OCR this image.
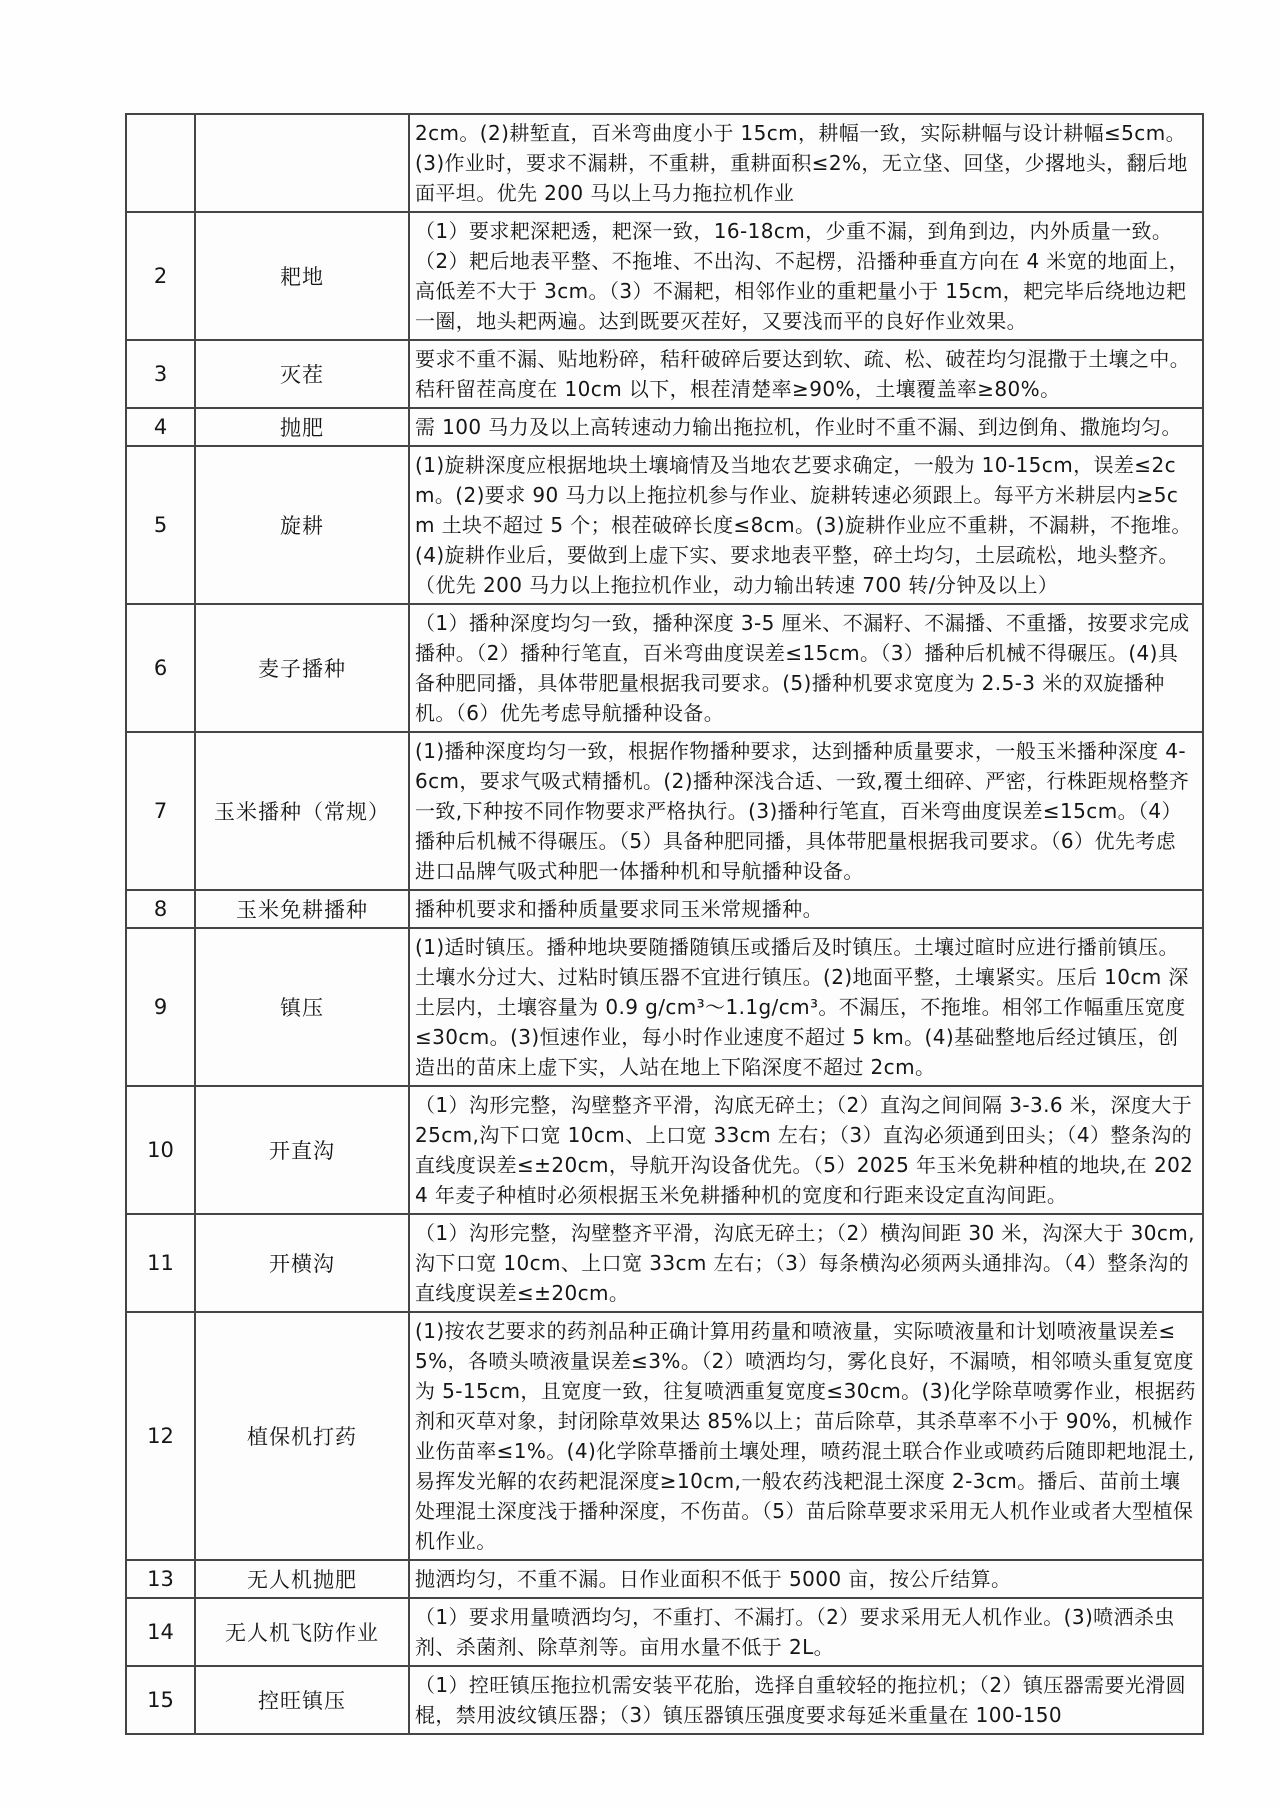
		2cm。(2)耕堑直，百米弯曲度小于 15cm，耕幅一致，实际耕幅与设计耕幅≤5cm。(3)作业时，要求不漏耕，不重耕，重耕面积≤2%，无立垡、回垡，少撂地头，翻后地面平坦。优先 200 马以上马力拖拉机作业
2	耙地	（1）要求耙深耙透，耙深一致，16-18cm，少重不漏，到角到边，内外质量一致。（2）耙后地表平整、不拖堆、不出沟、不起楞，沿播种垂直方向在 4 米宽的地面上，高低差不大于 3cm。（3）不漏耙，相邻作业的重耙量小于 15cm，耙完毕后绕地边耙一圈，地头耙两遍。达到既要灭茬好，又要浅而平的良好作业效果。
3	灭茬	要求不重不漏、贴地粉碎，秸秆破碎后要达到软、疏、松、破茬均匀混撒于土壤之中。秸秆留茬高度在 10cm 以下，根茬清楚率≥90%，土壤覆盖率≥80%。
4	抛肥	需 100 马力及以上高转速动力输出拖拉机，作业时不重不漏、到边倒角、撒施均匀。
5	旋耕	(1)旋耕深度应根据地块土壤墒情及当地农艺要求确定，一般为 10-15cm，误差≤2cm。(2)要求 90 马力以上拖拉机参与作业、旋耕转速必须跟上。每平方米耕层内≥5cm 土块不超过 5 个；根茬破碎长度≤8cm。(3)旋耕作业应不重耕，不漏耕，不拖堆。(4)旋耕作业后，要做到上虚下实、要求地表平整，碎土均匀，土层疏松，地头整齐。（优先 200 马力以上拖拉机作业，动力输出转速 700 转/分钟及以上）
6	麦子播种	（1）播种深度均匀一致，播种深度 3-5 厘米、不漏籽、不漏播、不重播，按要求完成播种。（2）播种行笔直，百米弯曲度误差≤15cm。（3）播种后机械不得碾压。(4)具备种肥同播，具体带肥量根据我司要求。(5)播种机要求宽度为 2.5-3 米的双旋播种机。（6）优先考虑导航播种设备。
7	玉米播种（常规）	(1)播种深度均匀一致，根据作物播种要求，达到播种质量要求，一般玉米播种深度 4-6cm，要求气吸式精播机。(2)播种深浅合适、一致,覆土细碎、严密，行株距规格整齐一致,下种按不同作物要求严格执行。(3)播种行笔直，百米弯曲度误差≤15cm。（4）播种后机械不得碾压。（5）具备种肥同播，具体带肥量根据我司要求。（6）优先考虑进口品牌气吸式种肥一体播种机和导航播种设备。
8	玉米免耕播种	播种机要求和播种质量要求同玉米常规播种。
9	镇压	(1)适时镇压。播种地块要随播随镇压或播后及时镇压。土壤过暄时应进行播前镇压。土壤水分过大、过粘时镇压器不宜进行镇压。(2)地面平整，土壤紧实。压后 10cm 深土层内，土壤容量为 0.9 g/cm³～1.1g/cm³。不漏压，不拖堆。相邻工作幅重压宽度≤30cm。(3)恒速作业，每小时作业速度不超过 5 km。(4)基础整地后经过镇压，创造出的苗床上虚下实，人站在地上下陷深度不超过 2cm。
10	开直沟	（1）沟形完整，沟壁整齐平滑，沟底无碎土；（2）直沟之间间隔 3-3.6 米，深度大于 25cm,沟下口宽 10cm、上口宽 33cm 左右；（3）直沟必须通到田头；（4）整条沟的直线度误差≤±20cm，导航开沟设备优先。（5）2025 年玉米免耕种植的地块,在 2024 年麦子种植时必须根据玉米免耕播种机的宽度和行距来设定直沟间距。
11	开横沟	（1）沟形完整，沟壁整齐平滑，沟底无碎土；（2）横沟间距 30 米，沟深大于 30cm,沟下口宽 10cm、上口宽 33cm 左右；（3）每条横沟必须两头通排沟。（4）整条沟的直线度误差≤±20cm。
12	植保机打药	(1)按农艺要求的药剂品种正确计算用药量和喷液量，实际喷液量和计划喷液量误差≤5%，各喷头喷液量误差≤3%。（2）喷洒均匀，雾化良好，不漏喷，相邻喷头重复宽度为 5-15cm，且宽度一致，往复喷洒重复宽度≤30cm。(3)化学除草喷雾作业，根据药剂和灭草对象，封闭除草效果达 85%以上；苗后除草，其杀草率不小于 90%，机械作业伤苗率≤1%。(4)化学除草播前土壤处理，喷药混土联合作业或喷药后随即耙地混土,易挥发光解的农药耙混深度≥10cm,一般农药浅耙混土深度 2-3cm。播后、苗前土壤处理混土深度浅于播种深度，不伤苗。（5）苗后除草要求采用无人机作业或者大型植保机作业。
13	无人机抛肥	抛洒均匀，不重不漏。日作业面积不低于 5000 亩，按公斤结算。
14	无人机飞防作业	（1）要求用量喷洒均匀，不重打、不漏打。（2）要求采用无人机作业。(3)喷洒杀虫剂、杀菌剂、除草剂等。亩用水量不低于 2L。
15	控旺镇压	（1）控旺镇压拖拉机需安装平花胎，选择自重较轻的拖拉机；（2）镇压器需要光滑圆棍，禁用波纹镇压器；（3）镇压器镇压强度要求每延米重量在 100-150
